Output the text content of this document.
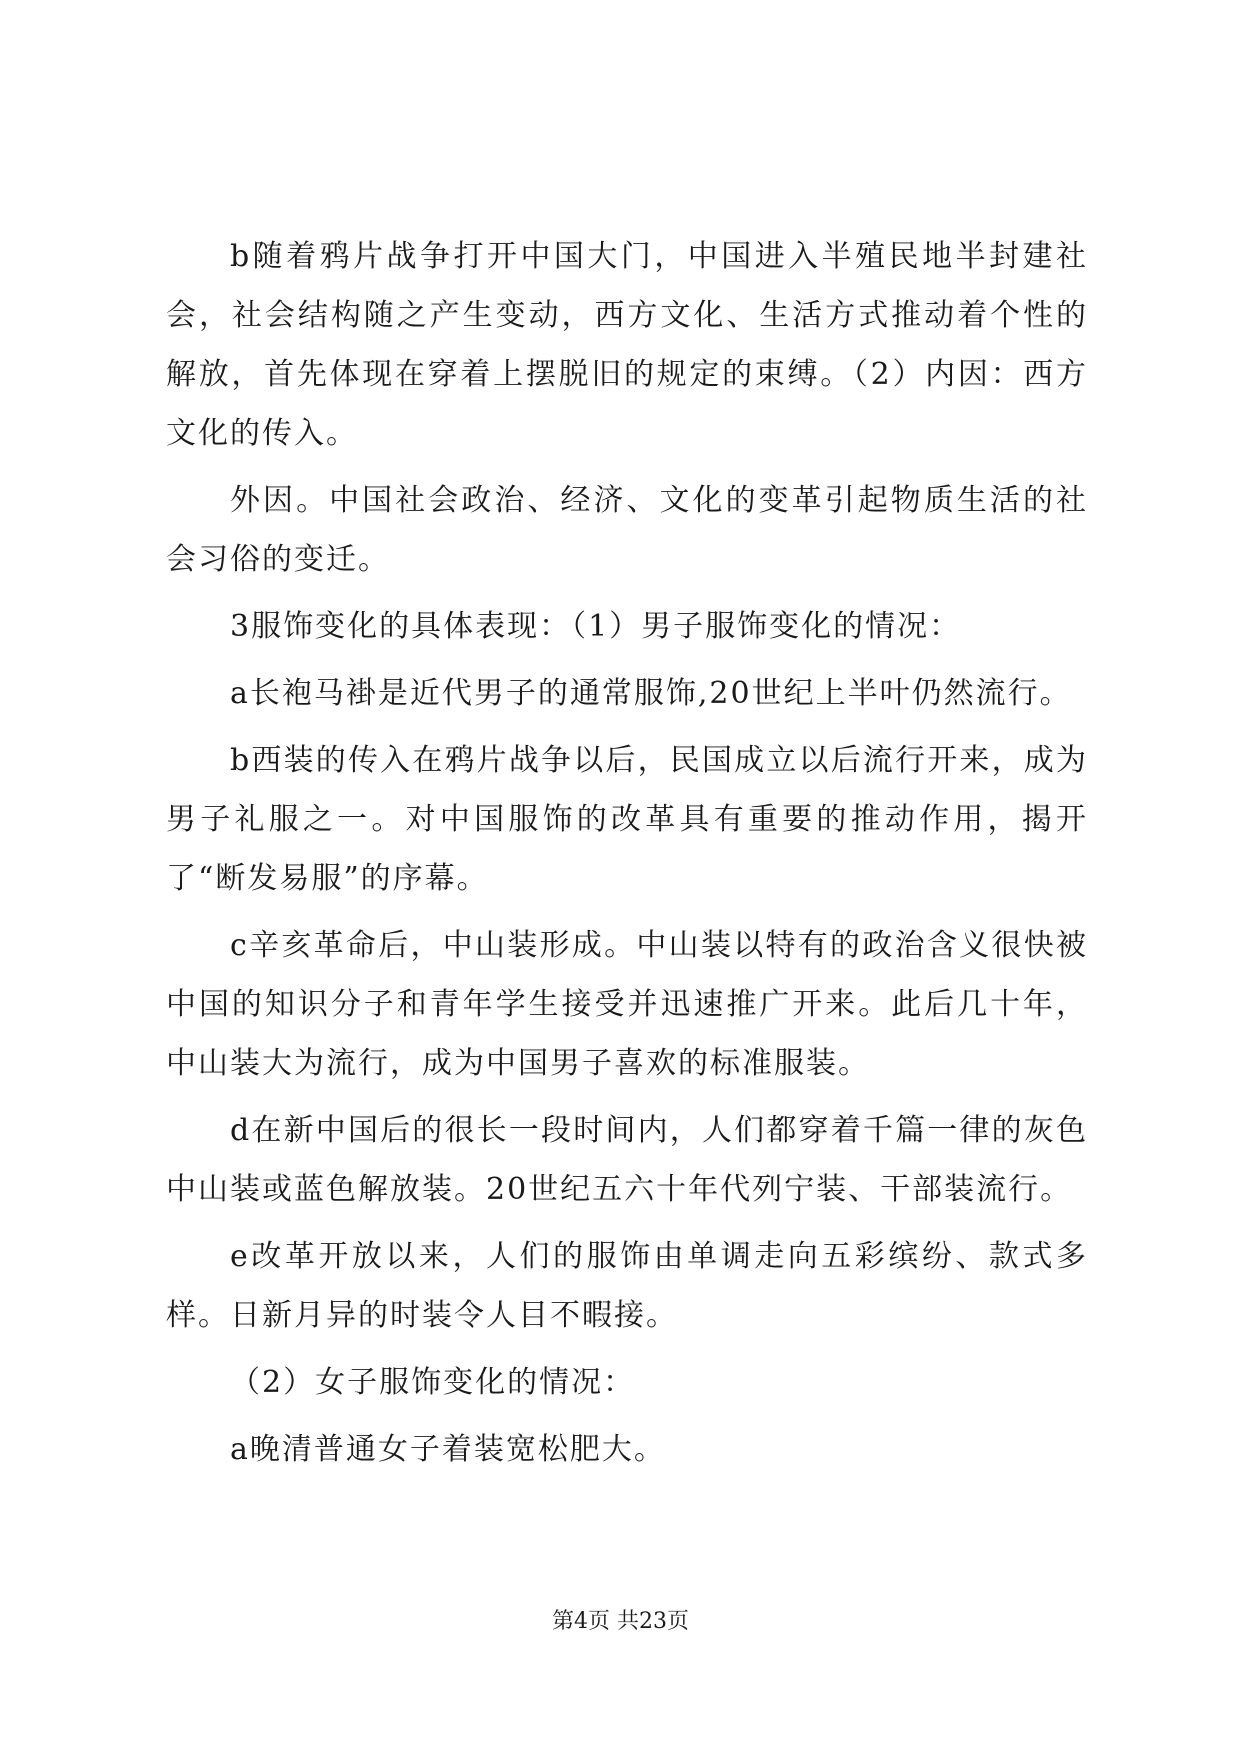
b随着鸦片战争打开中国大门，中国进入半殖民地半封建社会，社会结构随之产生变动，西方文化、生活方式推动着个性的解放，首先体现在穿着上摆脱旧的规定的束缚。（2）内因：西方文化的传入。

外因。中国社会政治、经济、文化的变革引起物质生活的社会习俗的变迁。

3服饰变化的具体表现：（1）男子服饰变化的情况：

a长袍马褂是近代男子的通常服饰,20世纪上半叶仍然流行。

b西装的传入在鸦片战争以后，民国成立以后流行开来，成为男子礼服之一。对中国服饰的改革具有重要的推动作用，揭开了“断发易服”的序幕。

c辛亥革命后，中山装形成。中山装以特有的政治含义很快被中国的知识分子和青年学生接受并迅速推广开来。此后几十年，中山装大为流行，成为中国男子喜欢的标准服装。

d在新中国后的很长一段时间内，人们都穿着千篇一律的灰色中山装或蓝色解放装。20世纪五六十年代列宁装、干部装流行。

e改革开放以来，人们的服饰由单调走向五彩缤纷、款式多样。日新月异的时装令人目不暇接。

（2）女子服饰变化的情况：

a晚清普通女子着装宽松肥大。

第4页 共23页
